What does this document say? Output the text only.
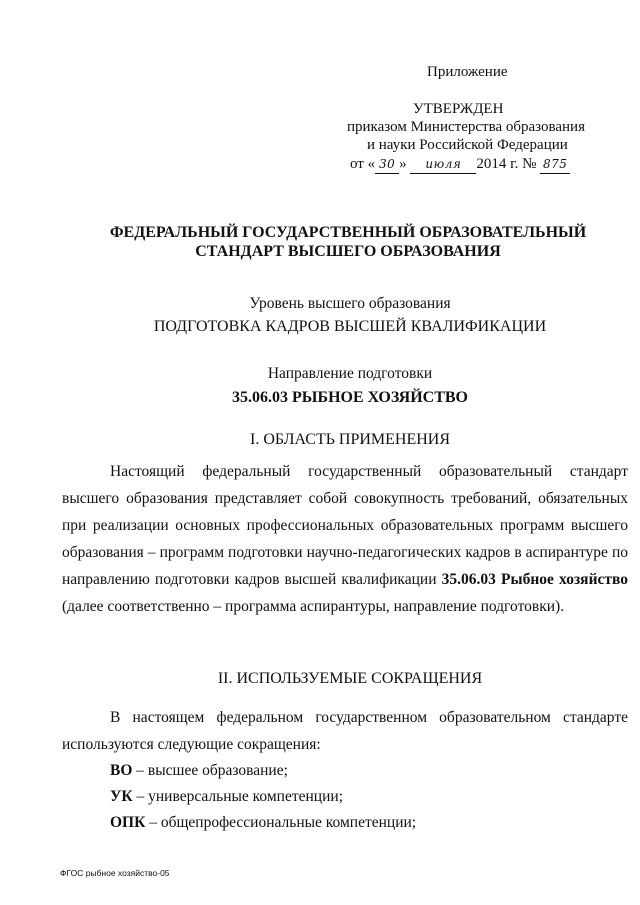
Приложение
УТВЕРЖДЕН
приказом Министерства образования
и науки Российской Федерации
от « 30 » июля 2014 г. № 875
ФЕДЕРАЛЬНЫЙ ГОСУДАРСТВЕННЫЙ ОБРАЗОВАТЕЛЬНЫЙ
СТАНДАРТ ВЫСШЕГО ОБРАЗОВАНИЯ
Уровень высшего образования
ПОДГОТОВКА КАДРОВ ВЫСШЕЙ КВАЛИФИКАЦИИ
Направление подготовки
35.06.03 РЫБНОЕ ХОЗЯЙСТВО
I. ОБЛАСТЬ ПРИМЕНЕНИЯ
Настоящий федеральный государственный образовательный стандарт высшего образования представляет собой совокупность требований, обязательных при реализации основных профессиональных образовательных программ высшего образования – программ подготовки научно-педагогических кадров в аспирантуре по направлению подготовки кадров высшей квалификации 35.06.03 Рыбное хозяйство (далее соответственно – программа аспирантуры, направление подготовки).
II. ИСПОЛЬЗУЕМЫЕ СОКРАЩЕНИЯ
В настоящем федеральном государственном образовательном стандарте используются следующие сокращения:
ВО – высшее образование;
УК – универсальные компетенции;
ОПК – общепрофессиональные компетенции;
ФГОС рыбное хозяйство-05
